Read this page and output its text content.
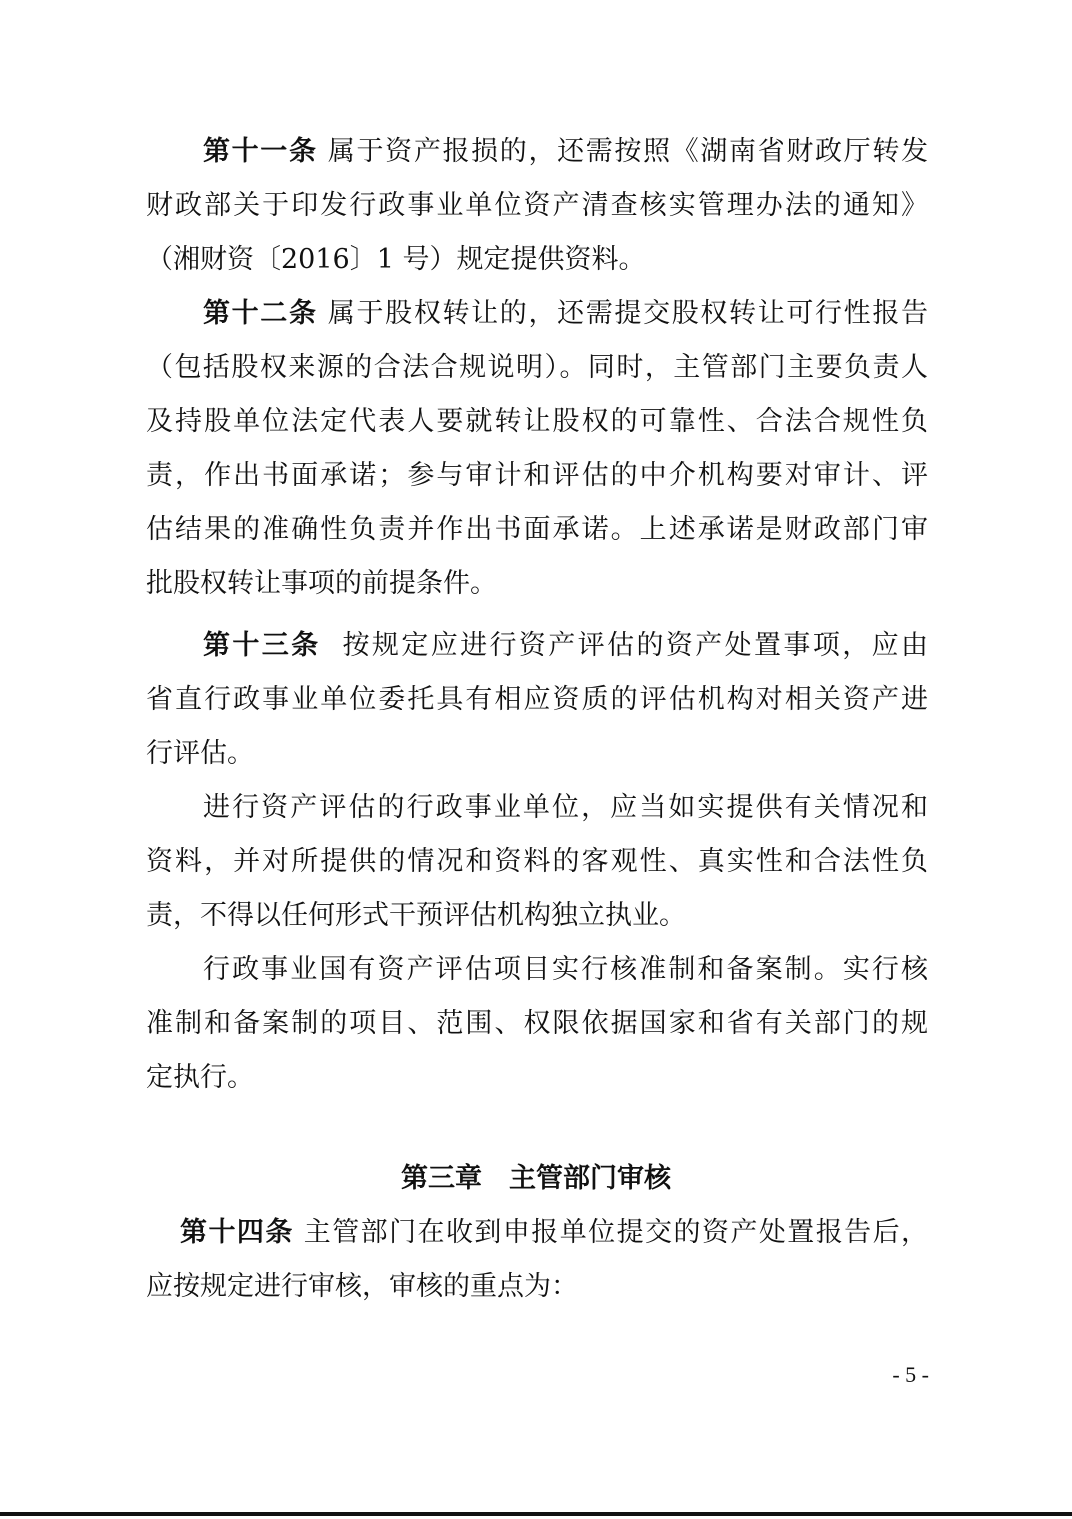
第十一条 属于资产报损的，还需按照《湖南省财政厅转发
财政部关于印发行政事业单位资产清查核实管理办法的通知》
（湘财资〔2016〕1 号）规定提供资料。
第十二条 属于股权转让的，还需提交股权转让可行性报告
（包括股权来源的合法合规说明）。同时，主管部门主要负责人
及持股单位法定代表人要就转让股权的可靠性、合法合规性负
责，作出书面承诺；参与审计和评估的中介机构要对审计、评
估结果的准确性负责并作出书面承诺。上述承诺是财政部门审
批股权转让事项的前提条件。
第十三条 按规定应进行资产评估的资产处置事项，应由
省直行政事业单位委托具有相应资质的评估机构对相关资产进
行评估。
进行资产评估的行政事业单位，应当如实提供有关情况和
资料，并对所提供的情况和资料的客观性、真实性和合法性负
责，不得以任何形式干预评估机构独立执业。
行政事业国有资产评估项目实行核准制和备案制。实行核
准制和备案制的项目、范围、权限依据国家和省有关部门的规
定执行。
第三章　主管部门审核
第十四条 主管部门在收到申报单位提交的资产处置报告后，
应按规定进行审核，审核的重点为：
- 5 -
